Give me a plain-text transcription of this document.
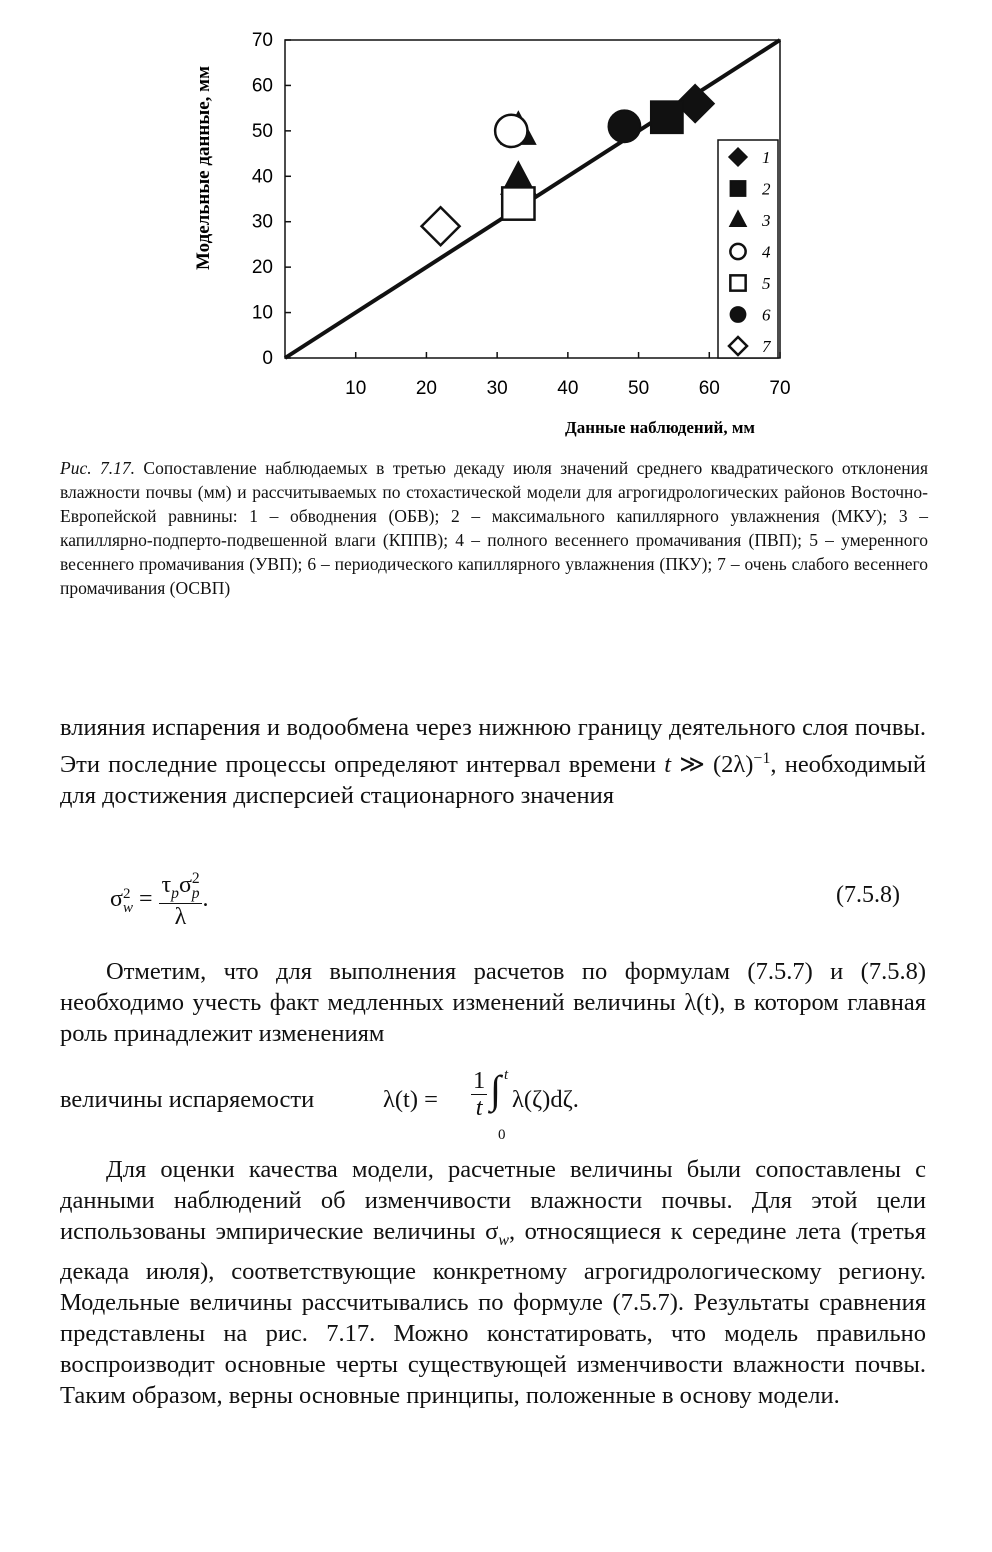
0
10
20
30
40
50
60
70
10	20	30	40	50	60	70
Модельные данные, мм
Данные наблюдений, мм
1
2
3
4
5
6
7
Рис. 7.17. Сопоставление наблюдаемых в третью декаду июля значений среднего квадратического отклонения влажности почвы (мм) и рассчитываемых по стохастической модели для агрогидрологических районов Восточно-Европейской равнины: 1 – обводнения (ОБВ); 2 – максимального капиллярного увлажнения (МКУ); 3 – капиллярно-подперто-подвешенной влаги (КППВ); 4 – полного весеннего промачивания (ПВП); 5 – умеренного весеннего промачивания (УВП); 6 – периодического капиллярного увлажнения (ПКУ); 7 – очень слабого весеннего промачивания (ОСВП)

влияния испарения и водообмена через нижнюю границу деятельного слоя почвы. Эти последние процессы определяют интервал времени t ≫ $(2\lambda)^{-1}$, необходимый для достижения дисперсией стационарного значения

σ 2
w =
$\tau_p\sigma^2_p$
λ
.	(7.5.8)

Отметим, что для выполнения расчетов по формулам (7.5.7) и (7.5.8) необходимо учесть факт медленных изменений величины λ(t), в котором главная роль принадлежит изменениям

величины испаряемости	λ(t) =
1
t ∫ t
0
λ(ζ)dζ.

Для оценки качества модели, расчетные величины были сопоставлены с данными наблюдений об изменчивости влажности почвы. Для этой цели использованы эмпирические величины $\sigma_w$, относящиеся к середине лета (третья декада июля), соответствующие конкретному агрогидрологическому региону. Модельные величины рассчитывались по формуле (7.5.7). Результаты сравнения представлены на рис. 7.17. Можно констатировать, что модель правильно воспроизводит основные черты существующей изменчивости влажности почвы. Таким образом, верны основные принципы, положенные в основу модели.
